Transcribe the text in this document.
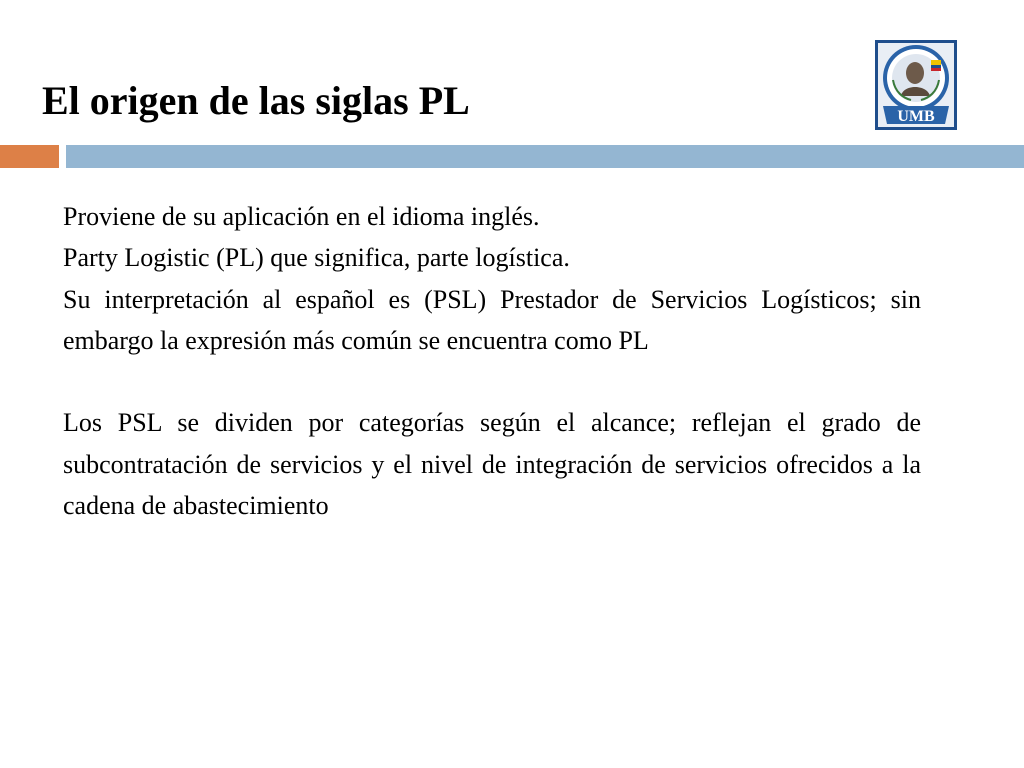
El origen de las siglas PL	UMB

Proviene de su aplicación en el idioma inglés.

Party Logistic (PL) que significa, parte logística.

Su interpretación al español es (PSL) Prestador de Servicios Logísticos; sin embargo la expresión más común se encuentra como PL

Los PSL se dividen por categorías según el alcance; reflejan el grado de subcontratación de servicios y el nivel de integración de servicios ofrecidos a la cadena de abastecimiento
